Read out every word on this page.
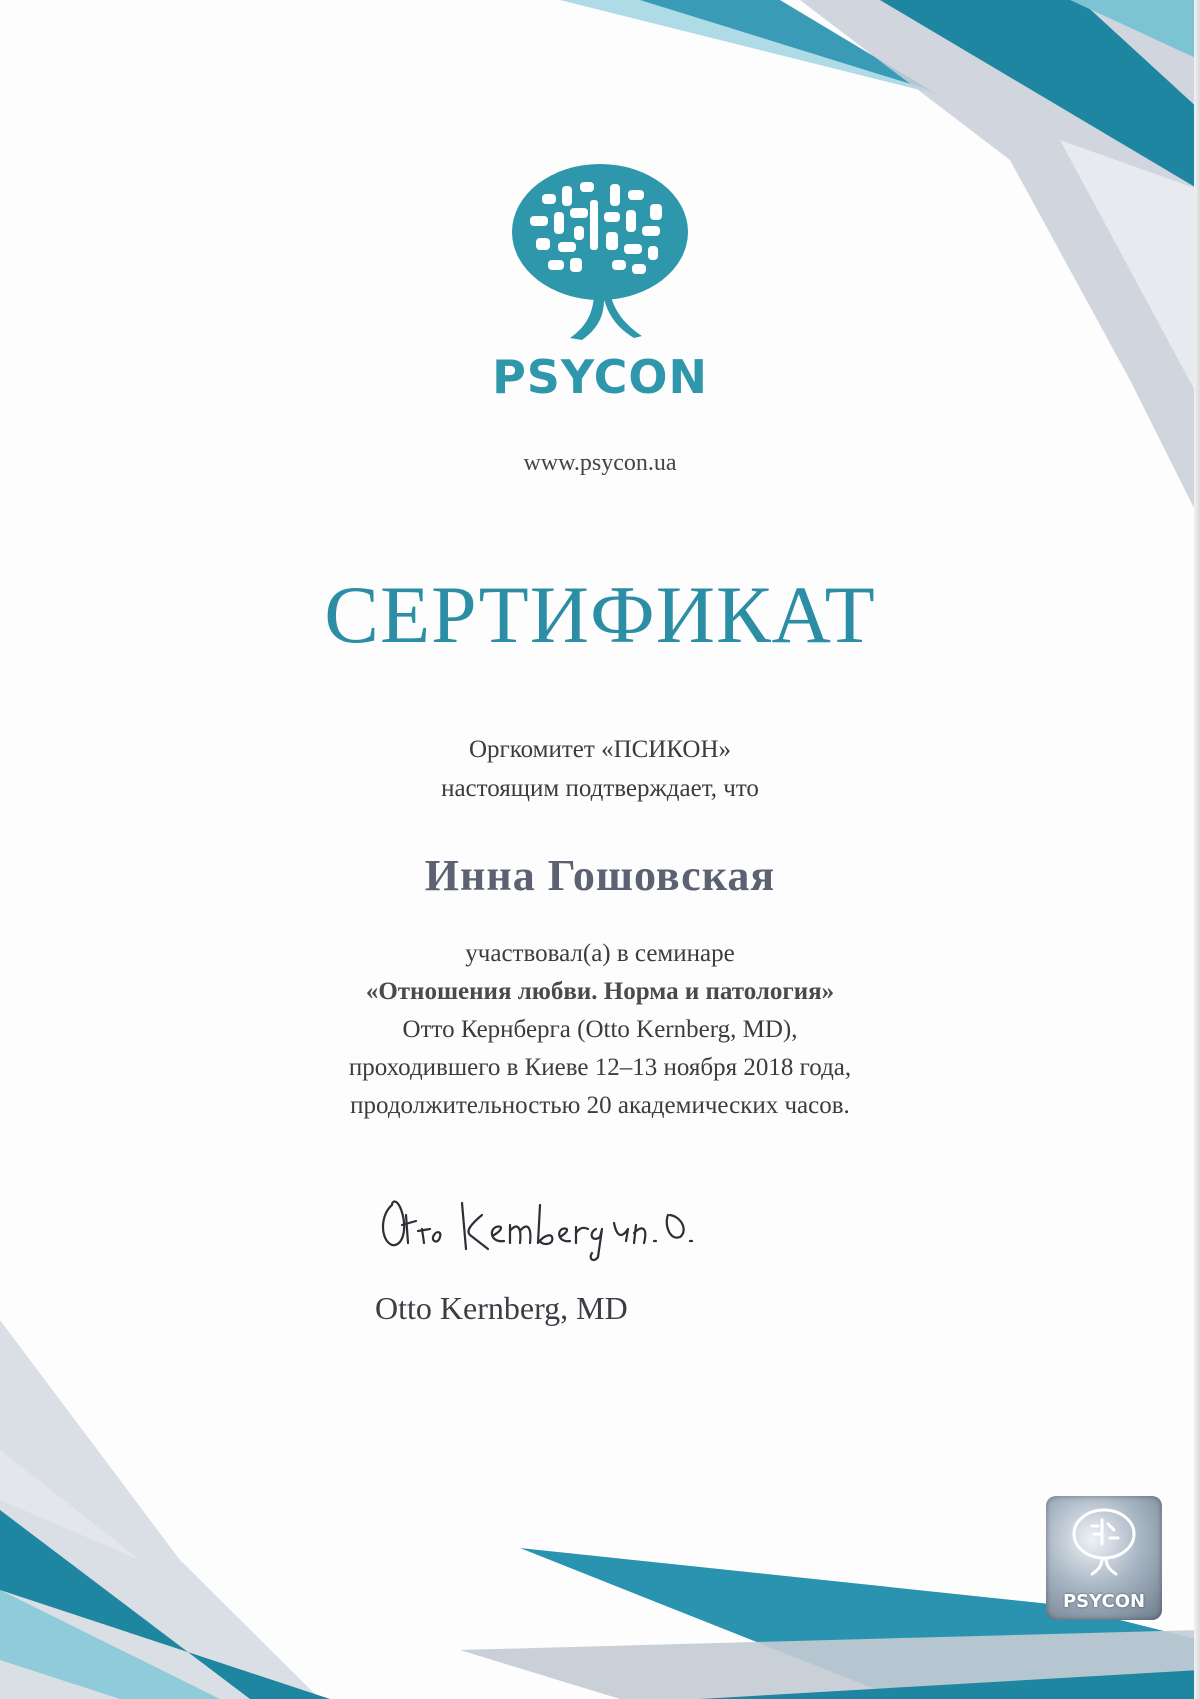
PSYCON
www.psycon.ua
СЕРТИФИКАТ
Оргкомитет «ПСИКОН»
настоящим подтверждает, что
Инна Гошовская
участвовал(а) в семинаре
«Отношения любви. Норма и патология»
Отто Кернберга (Otto Kernberg, MD),
проходившего в Киеве 12–13 ноября 2018 года,
продолжительностью 20 академических часов.
Otto Kernberg, MD
PSYCON
